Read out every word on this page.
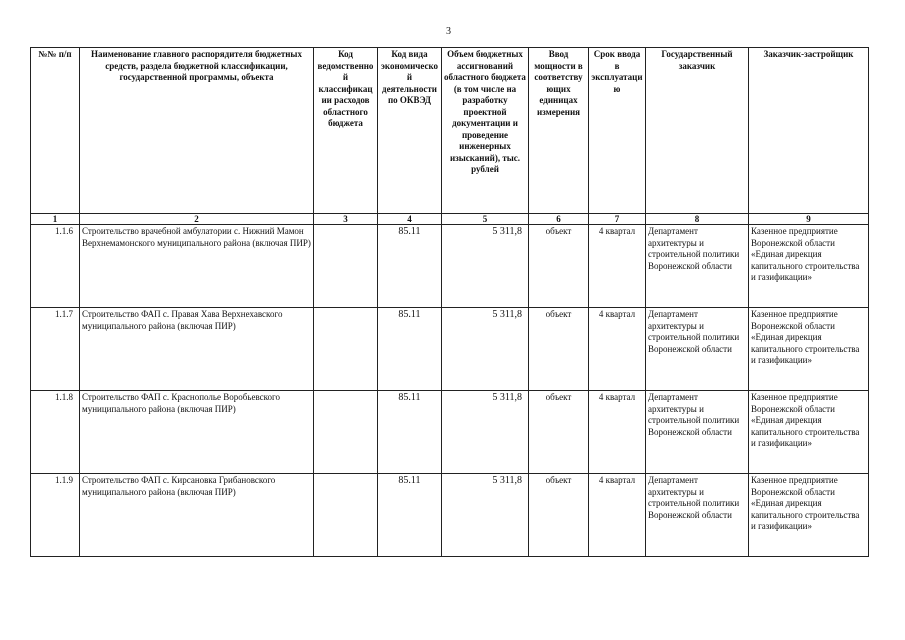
3
№№ п/п	Наименование главного распорядителя бюджетных средств, раздела бюджетной классификации, государственной программы, объекта	Код ведомственной классификации расходов областного бюджета	Код вида экономической деятельности по ОКВЭД	Объем бюджетных ассигнований областного бюджета (в том числе на разработку проектной документации и проведение инженерных изысканий), тыс. рублей	Ввод мощности в соответствующих единицах измерения	Срок ввода в эксплуатацию	Государственный заказчик	Заказчик-застройщик
1	2	3	4	5	6	7	8	9
1.1.6	Строительство врачебной амбулатории с. Нижний Мамон Верхнемамонского муниципального района (включая ПИР)		85.11	5 311,8	объект	4 квартал	Департамент архитектуры и строительной политики Воронежской области	Казенное предприятие Воронежской области «Единая дирекция капитального строительства и газификации»
1.1.7	Строительство ФАП с. Правая Хава Верхнехавского муниципального района (включая ПИР)		85.11	5 311,8	объект	4 квартал	Департамент архитектуры и строительной политики Воронежской области	Казенное предприятие Воронежской области «Единая дирекция капитального строительства и газификации»
1.1.8	Строительство ФАП с. Краснополье Воробьевского муниципального района (включая ПИР)		85.11	5 311,8	объект	4 квартал	Департамент архитектуры и строительной политики Воронежской области	Казенное предприятие Воронежской области «Единая дирекция капитального строительства и газификации»
1.1.9	Строительство ФАП с. Кирсановка Грибановского муниципального района (включая ПИР)		85.11	5 311,8	объект	4 квартал	Департамент архитектуры и строительной политики Воронежской области	Казенное предприятие Воронежской области «Единая дирекция капитального строительства и газификации»
